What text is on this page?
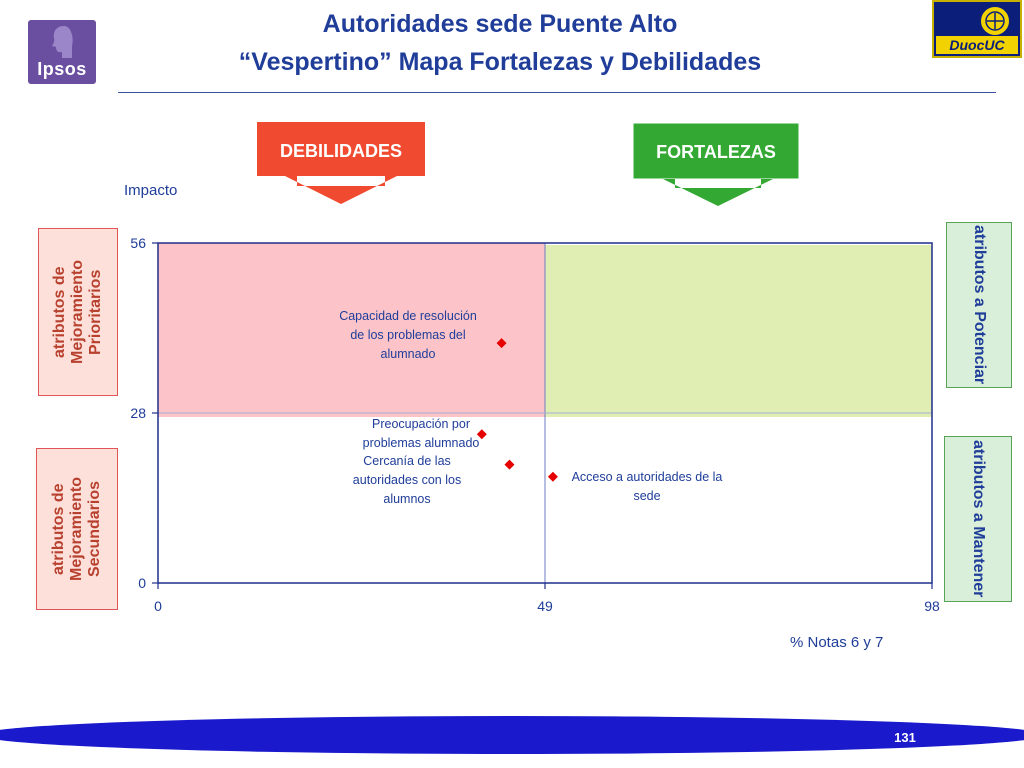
Ipsos
DuocUC
Autoridades sede Puente Alto
“Vespertino” Mapa Fortalezas y Debilidades
DEBILIDADES	FORTALEZAS
atributos de Mejoramiento Prioritarios
atributos de Mejoramiento Secundarios
atributos a Potenciar
atributos a Mantener
Impacto
% Notas 6 y 7
0
28
56
0	49	98
Capacidad de resolución de los problemas del alumnado
Preocupación por problemas alumnado
Cercanía de las autoridades con los alumnos
Acceso a autoridades de la sede
131
